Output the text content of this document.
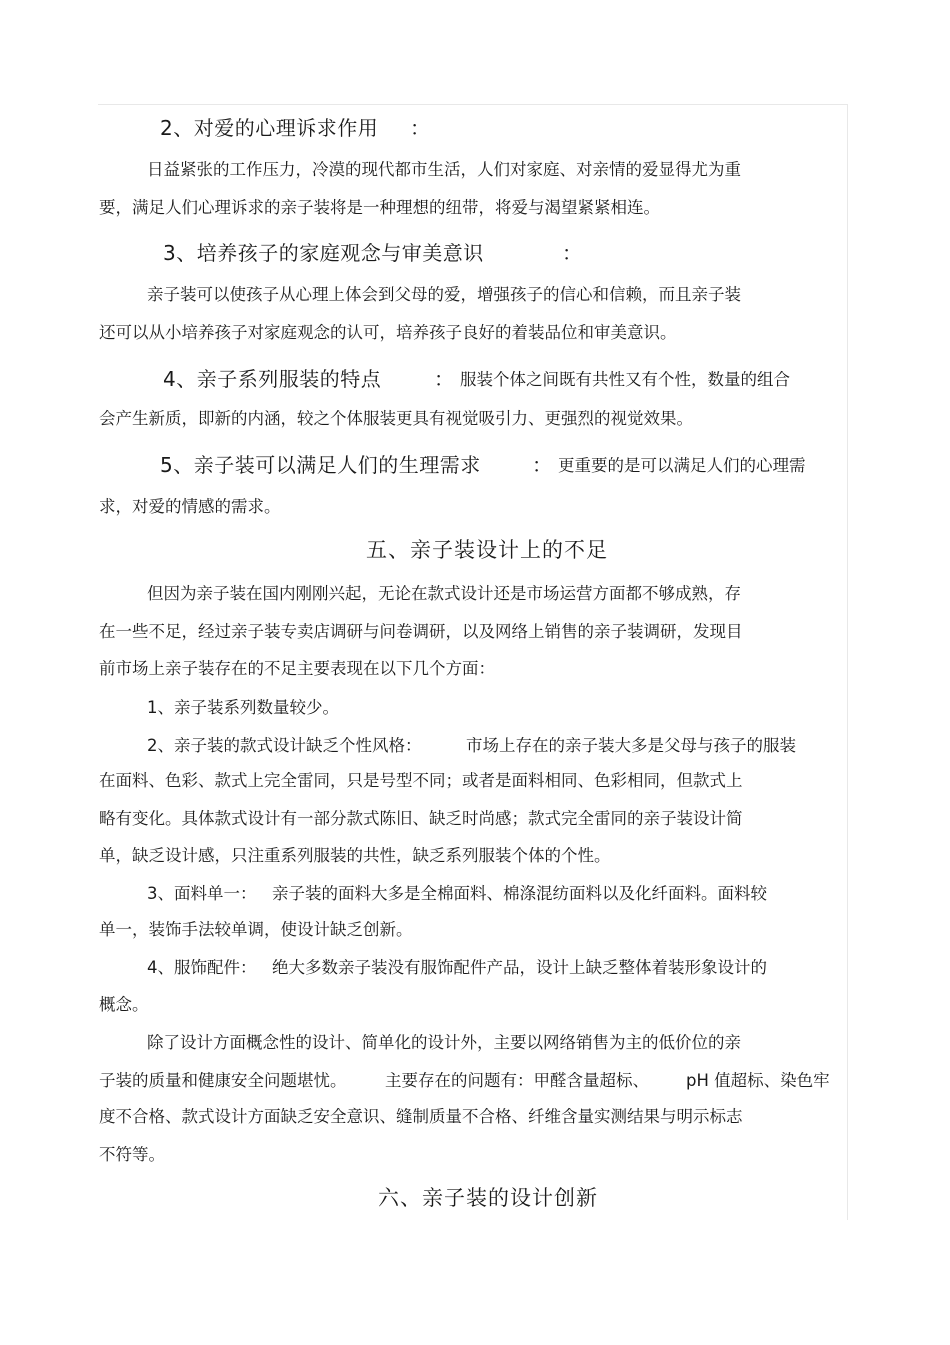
2、对爱的心理诉求作用 ：
日益紧张的工作压力，冷漠的现代都市生活，人们对家庭、对亲情的爱显得尤为重
要，满足人们心理诉求的亲子装将是一种理想的纽带，将爱与渴望紧紧相连。
3、培养孩子的家庭观念与审美意识	：
亲子装可以使孩子从心理上体会到父母的爱，增强孩子的信心和信赖，而且亲子装
还可以从小培养孩子对家庭观念的认可，培养孩子良好的着装品位和审美意识。
4、亲子系列服装的特点	： 服装个体之间既有共性又有个性，数量的组合
会产生新质，即新的内涵，较之个体服装更具有视觉吸引力、更强烈的视觉效果。
5、亲子装可以满足人们的生理需求	： 更重要的是可以满足人们的心理需
求，对爱的情感的需求。
五、亲子装设计上的不足
但因为亲子装在国内刚刚兴起，无论在款式设计还是市场运营方面都不够成熟，存
在一些不足，经过亲子装专卖店调研与问卷调研，以及网络上销售的亲子装调研，发现目
前市场上亲子装存在的不足主要表现在以下几个方面：
1、亲子装系列数量较少。
2、亲子装的款式设计缺乏个性风格：	市场上存在的亲子装大多是父母与孩子的服装
在面料、色彩、款式上完全雷同，只是号型不同；或者是面料相同、色彩相同，但款式上
略有变化。具体款式设计有一部分款式陈旧、缺乏时尚感；款式完全雷同的亲子装设计简
单，缺乏设计感，只注重系列服装的共性，缺乏系列服装个体的个性。
3、面料单一： 亲子装的面料大多是全棉面料、棉涤混纺面料以及化纤面料。面料较
单一，装饰手法较单调，使设计缺乏创新。
4、服饰配件： 绝大多数亲子装没有服饰配件产品，设计上缺乏整体着装形象设计的
概念。
除了设计方面概念性的设计、简单化的设计外，主要以网络销售为主的低价位的亲
子装的质量和健康安全问题堪忧。 主要存在的问题有：甲醛含量超标、 pH 值超标、染色牢
度不合格、款式设计方面缺乏安全意识、缝制质量不合格、纤维含量实测结果与明示标志
不符等。
六、亲子装的设计创新
